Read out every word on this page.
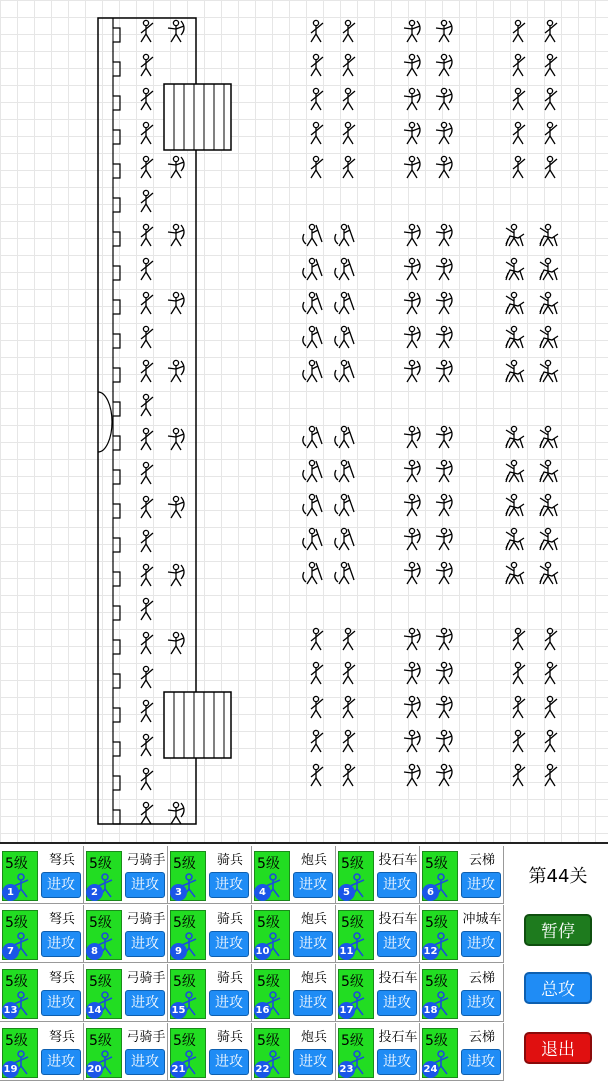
5级
1
弩兵
进攻
5级
2
弓骑手
进攻
5级
3
骑兵
进攻
5级
4
炮兵
进攻
5级
5
投石车
进攻
5级
6
云梯
进攻
5级
7
弩兵
进攻
5级
8
弓骑手
进攻
5级
9
骑兵
进攻
5级
10
炮兵
进攻
5级
11
投石车
进攻
5级
12
冲城车
进攻
5级
13
弩兵
进攻
5级
14
弓骑手
进攻
5级
15
骑兵
进攻
5级
16
炮兵
进攻
5级
17
投石车
进攻
5级
18
云梯
进攻
5级
19
弩兵
进攻
5级
20
弓骑手
进攻
5级
21
骑兵
进攻
5级
22
炮兵
进攻
5级
23
投石车
进攻
5级
24
云梯
进攻
第44关
暂停
总攻
退出
